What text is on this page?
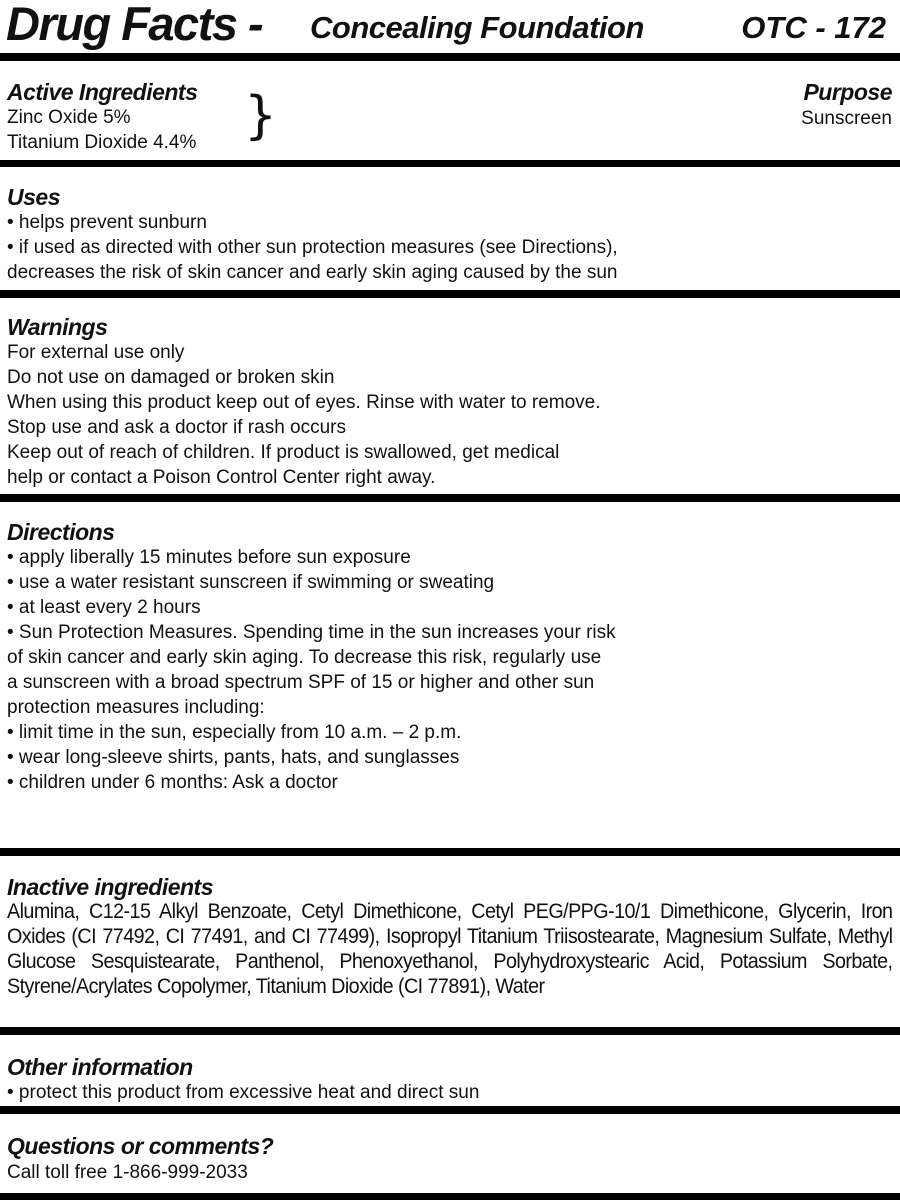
Drug Facts - Concealing Foundation	OTC - 172
Active Ingredients
Zinc Oxide 5%
Titanium Dioxide 4.4% }	Purpose
Sunscreen
Uses
• helps prevent sunburn
• if used as directed with other sun protection measures (see Directions),
decreases the risk of skin cancer and early skin aging caused by the sun
Warnings
For external use only
Do not use on damaged or broken skin
When using this product keep out of eyes. Rinse with water to remove.
Stop use and ask a doctor if rash occurs
Keep out of reach of children. If product is swallowed, get medical
help or contact a Poison Control Center right away.
Directions
• apply liberally 15 minutes before sun exposure
• use a water resistant sunscreen if swimming or sweating
• at least every 2 hours
• Sun Protection Measures. Spending time in the sun increases your risk
of skin cancer and early skin aging. To decrease this risk, regularly use
a sunscreen with a broad spectrum SPF of 15 or higher and other sun
protection measures including:
• limit time in the sun, especially from 10 a.m. – 2 p.m.
• wear long-sleeve shirts, pants, hats, and sunglasses
• children under 6 months: Ask a doctor
Inactive ingredients
Alumina, C12-15 Alkyl Benzoate, Cetyl Dimethicone, Cetyl PEG/PPG-10/1 Dimethicone, Glycerin, Iron Oxides (CI 77492, CI 77491, and CI 77499), Isopropyl Titanium Triisostearate, Magnesium Sulfate, Methyl Glucose Sesquistearate, Panthenol, Phenoxyethanol, Polyhydroxystearic Acid, Potassium Sorbate, Styrene/Acrylates Copolymer, Titanium Dioxide (CI 77891), Water
Other information
• protect this product from excessive heat and direct sun
Questions or comments?
Call toll free 1-866-999-2033
